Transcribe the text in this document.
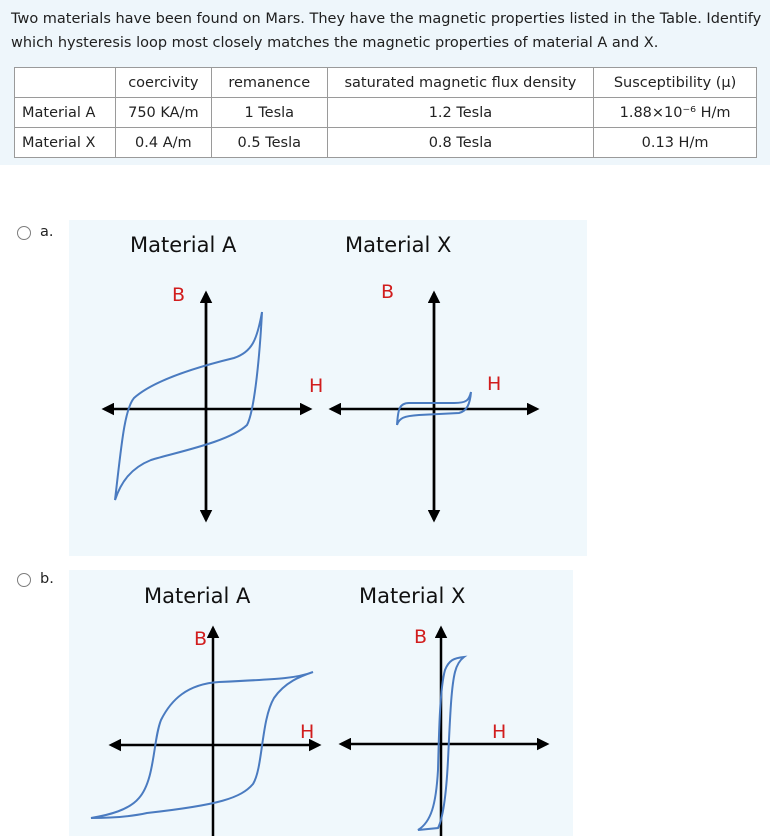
Two materials have been found on Mars. They have the magnetic properties listed in the Table. Identify which hysteresis loop most closely matches the magnetic properties of material A and X.
	coercivity	remanence	saturated magnetic flux density	Susceptibility (μ)
Material A	750 KA/m	1 Tesla	1.2 Tesla	1.88×10⁻⁶ H/m
Material X	0.4 A/m	0.5 Tesla	0.8 Tesla	0.13 H/m
a.
Material A	Material X
B
H
B
H
b.
Material A	Material X
B
H
B
H
